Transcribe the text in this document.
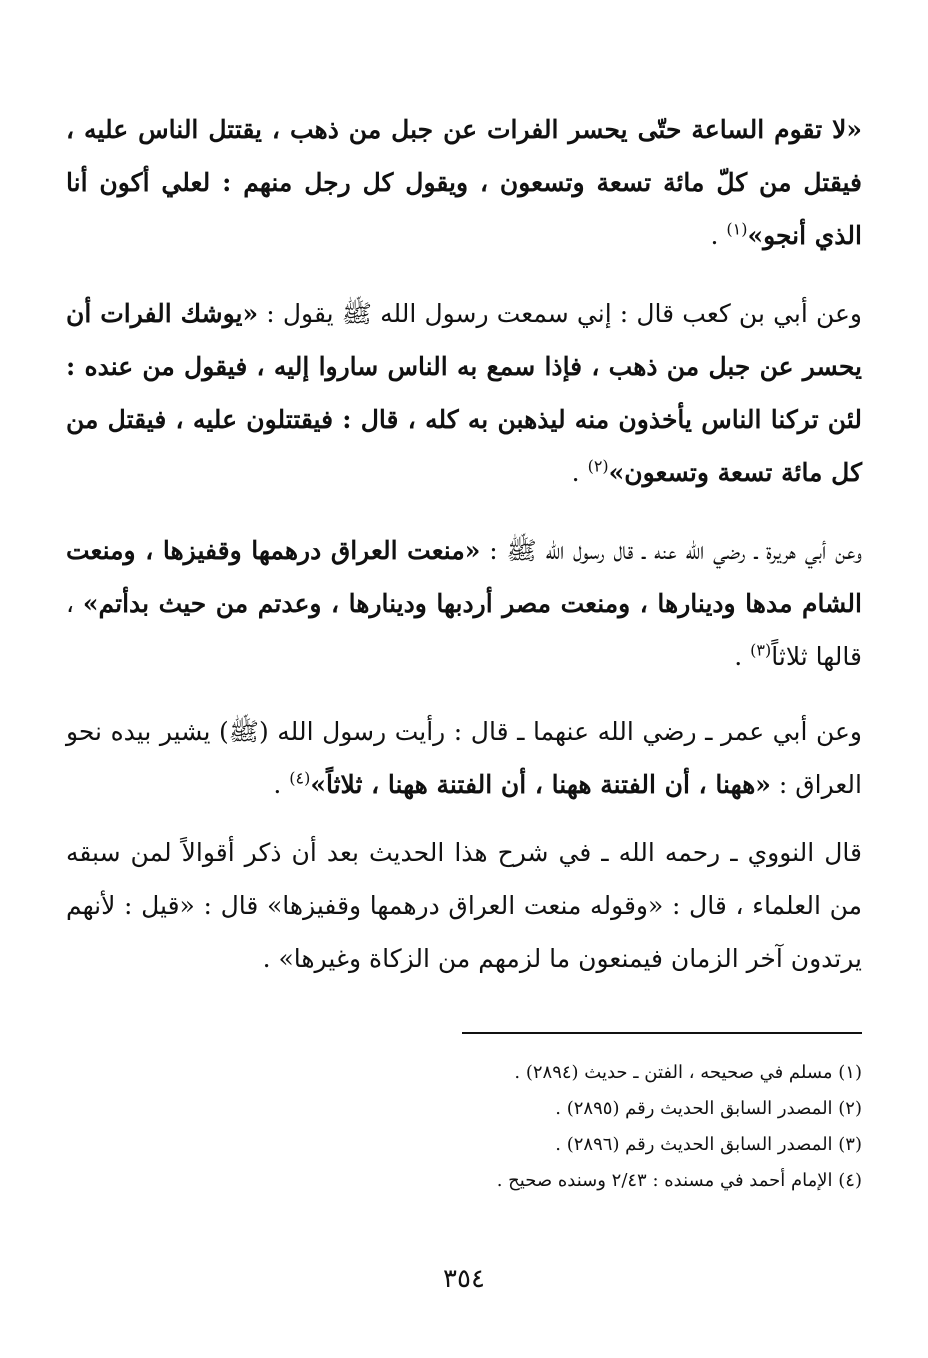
«لا تقوم الساعة حتّى يحسر الفرات عن جبل من ذهب ، يقتتل الناس عليه ، فيقتل من كلّ مائة تسعة وتسعون ، ويقول كل رجل منهم : لعلي أكون أنا الذي أنجو»$^{(١)}$ .
وعن أبي بن كعب قال : إني سمعت رسول الله ﷺ يقول : «يوشك الفرات أن يحسر عن جبل من ذهب ، فإذا سمع به الناس ساروا إليه ، فيقول من عنده : لئن تركنا الناس يأخذون منه ليذهبن به كله ، قال : فيقتتلون عليه ، فيقتل من كل مائة تسعة وتسعون»$^{(٢)}$ .
وعن أبي هريرة ـ رضي الله عنه ـ قال رسول الله ﷺ : «منعت العراق درهمها وقفيزها ، ومنعت الشام مدها ودينارها ، ومنعت مصر أردبها ودينارها ، وعدتم من حيث بدأتم» ، قالها ثلاثاً$^{(٣)}$ .
وعن أبي عمر ـ رضي الله عنهما ـ قال : رأيت رسول الله (ﷺ) يشير بيده نحو العراق : «ههنا ، أن الفتنة ههنا ، أن الفتنة ههنا ، ثلاثاً»$^{(٤)}$ .
قال النووي ـ رحمه الله ـ في شرح هذا الحديث بعد أن ذكر أقوالاً لمن سبقه من العلماء ، قال : «وقوله منعت العراق درهمها وقفيزها» قال : «قيل : لأنهم يرتدون آخر الزمان فيمنعون ما لزمهم من الزكاة وغيرها» .
(١) مسلم في صحيحه ، الفتن ـ حديث (٢٨٩٤) .
(٢) المصدر السابق الحديث رقم (٢٨٩٥) .
(٣) المصدر السابق الحديث رقم (٢٨٩٦) .
(٤) الإمام أحمد في مسنده : ٢/٤٣ وسنده صحيح .
٣٥٤
